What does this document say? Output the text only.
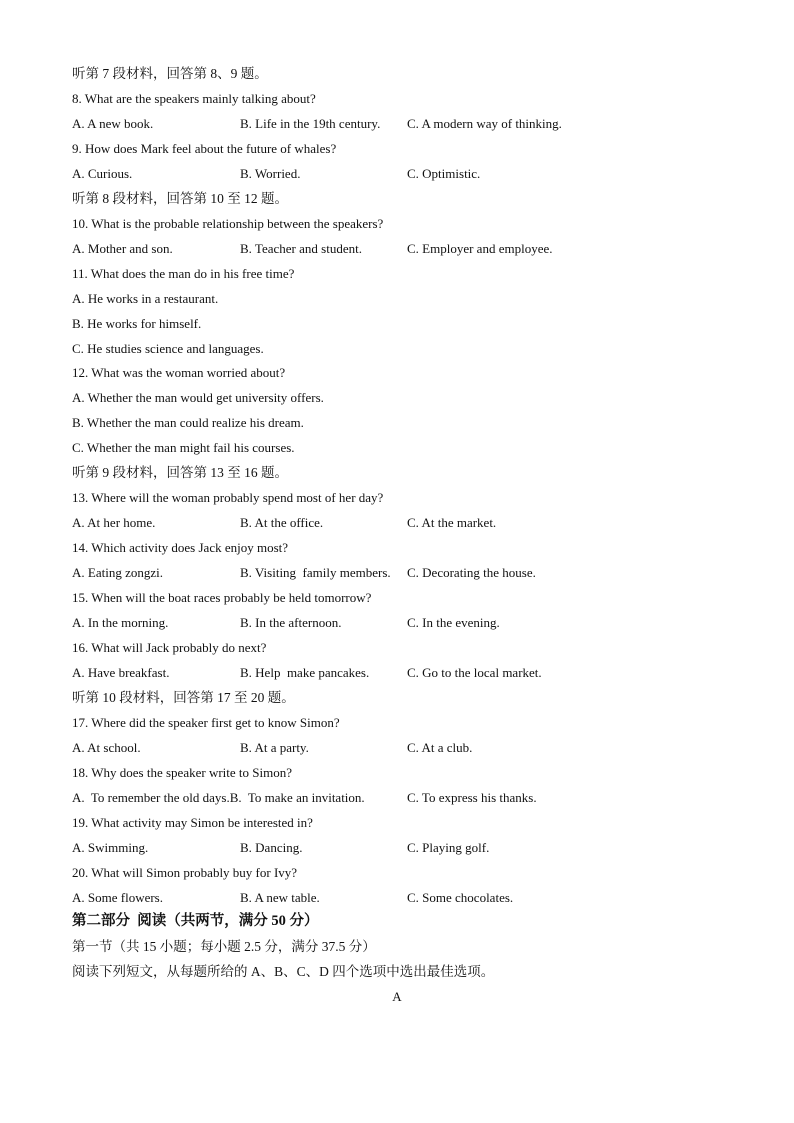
听第 7 段材料，回答第 8、9 题。
8. What are the speakers mainly talking about?
A. A new book.	B. Life in the 19th century. C. A modern way of thinking.
9. How does Mark feel about the future of whales?
A. Curious.	B. Worried.	C. Optimistic.
听第 8 段材料，回答第 10 至 12 题。
10. What is the probable relationship between the speakers?
A. Mother and son.	B. Teacher and student.	C. Employer and employee.
11. What does the man do in his free time?
A. He works in a restaurant.
B. He works for himself.
C. He studies science and languages.
12. What was the woman worried about?
A. Whether the man would get university offers.
B. Whether the man could realize his dream.
C. Whether the man might fail his courses.
听第 9 段材料，回答第 13 至 16 题。
13. Where will the woman probably spend most of her day?
A. At her home.	B. At the office.	C. At the market.
14. Which activity does Jack enjoy most?
A. Eating zongzi.	B. Visiting  family members. C. Decorating the house.
15. When will the boat races probably be held tomorrow?
A. In the morning.	B. In the afternoon.	C. In the evening.
16. What will Jack probably do next?
A. Have breakfast.	B. Help  make pancakes.	C. Go to the local market.
听第 10 段材料，回答第 17 至 20 题。
17. Where did the speaker first get to know Simon?
A. At school.	B. At a party.	C. At a club.
18. Why does the speaker write to Simon?
A.  To remember the old days.B.  To make an invitation.	C. To express his thanks.
19. What activity may Simon be interested in?
A. Swimming.	B. Dancing.	C. Playing golf.
20. What will Simon probably buy for Ivy?
A. Some flowers.	B. A new table.	C. Some chocolates.
第二部分  阅读（共两节，满分 50 分）
第一节（共 15 小题；每小题 2.5 分，满分 37.5 分）
阅读下列短文，从每题所给的 A、B、C、D 四个选项中选出最佳选项。
A
